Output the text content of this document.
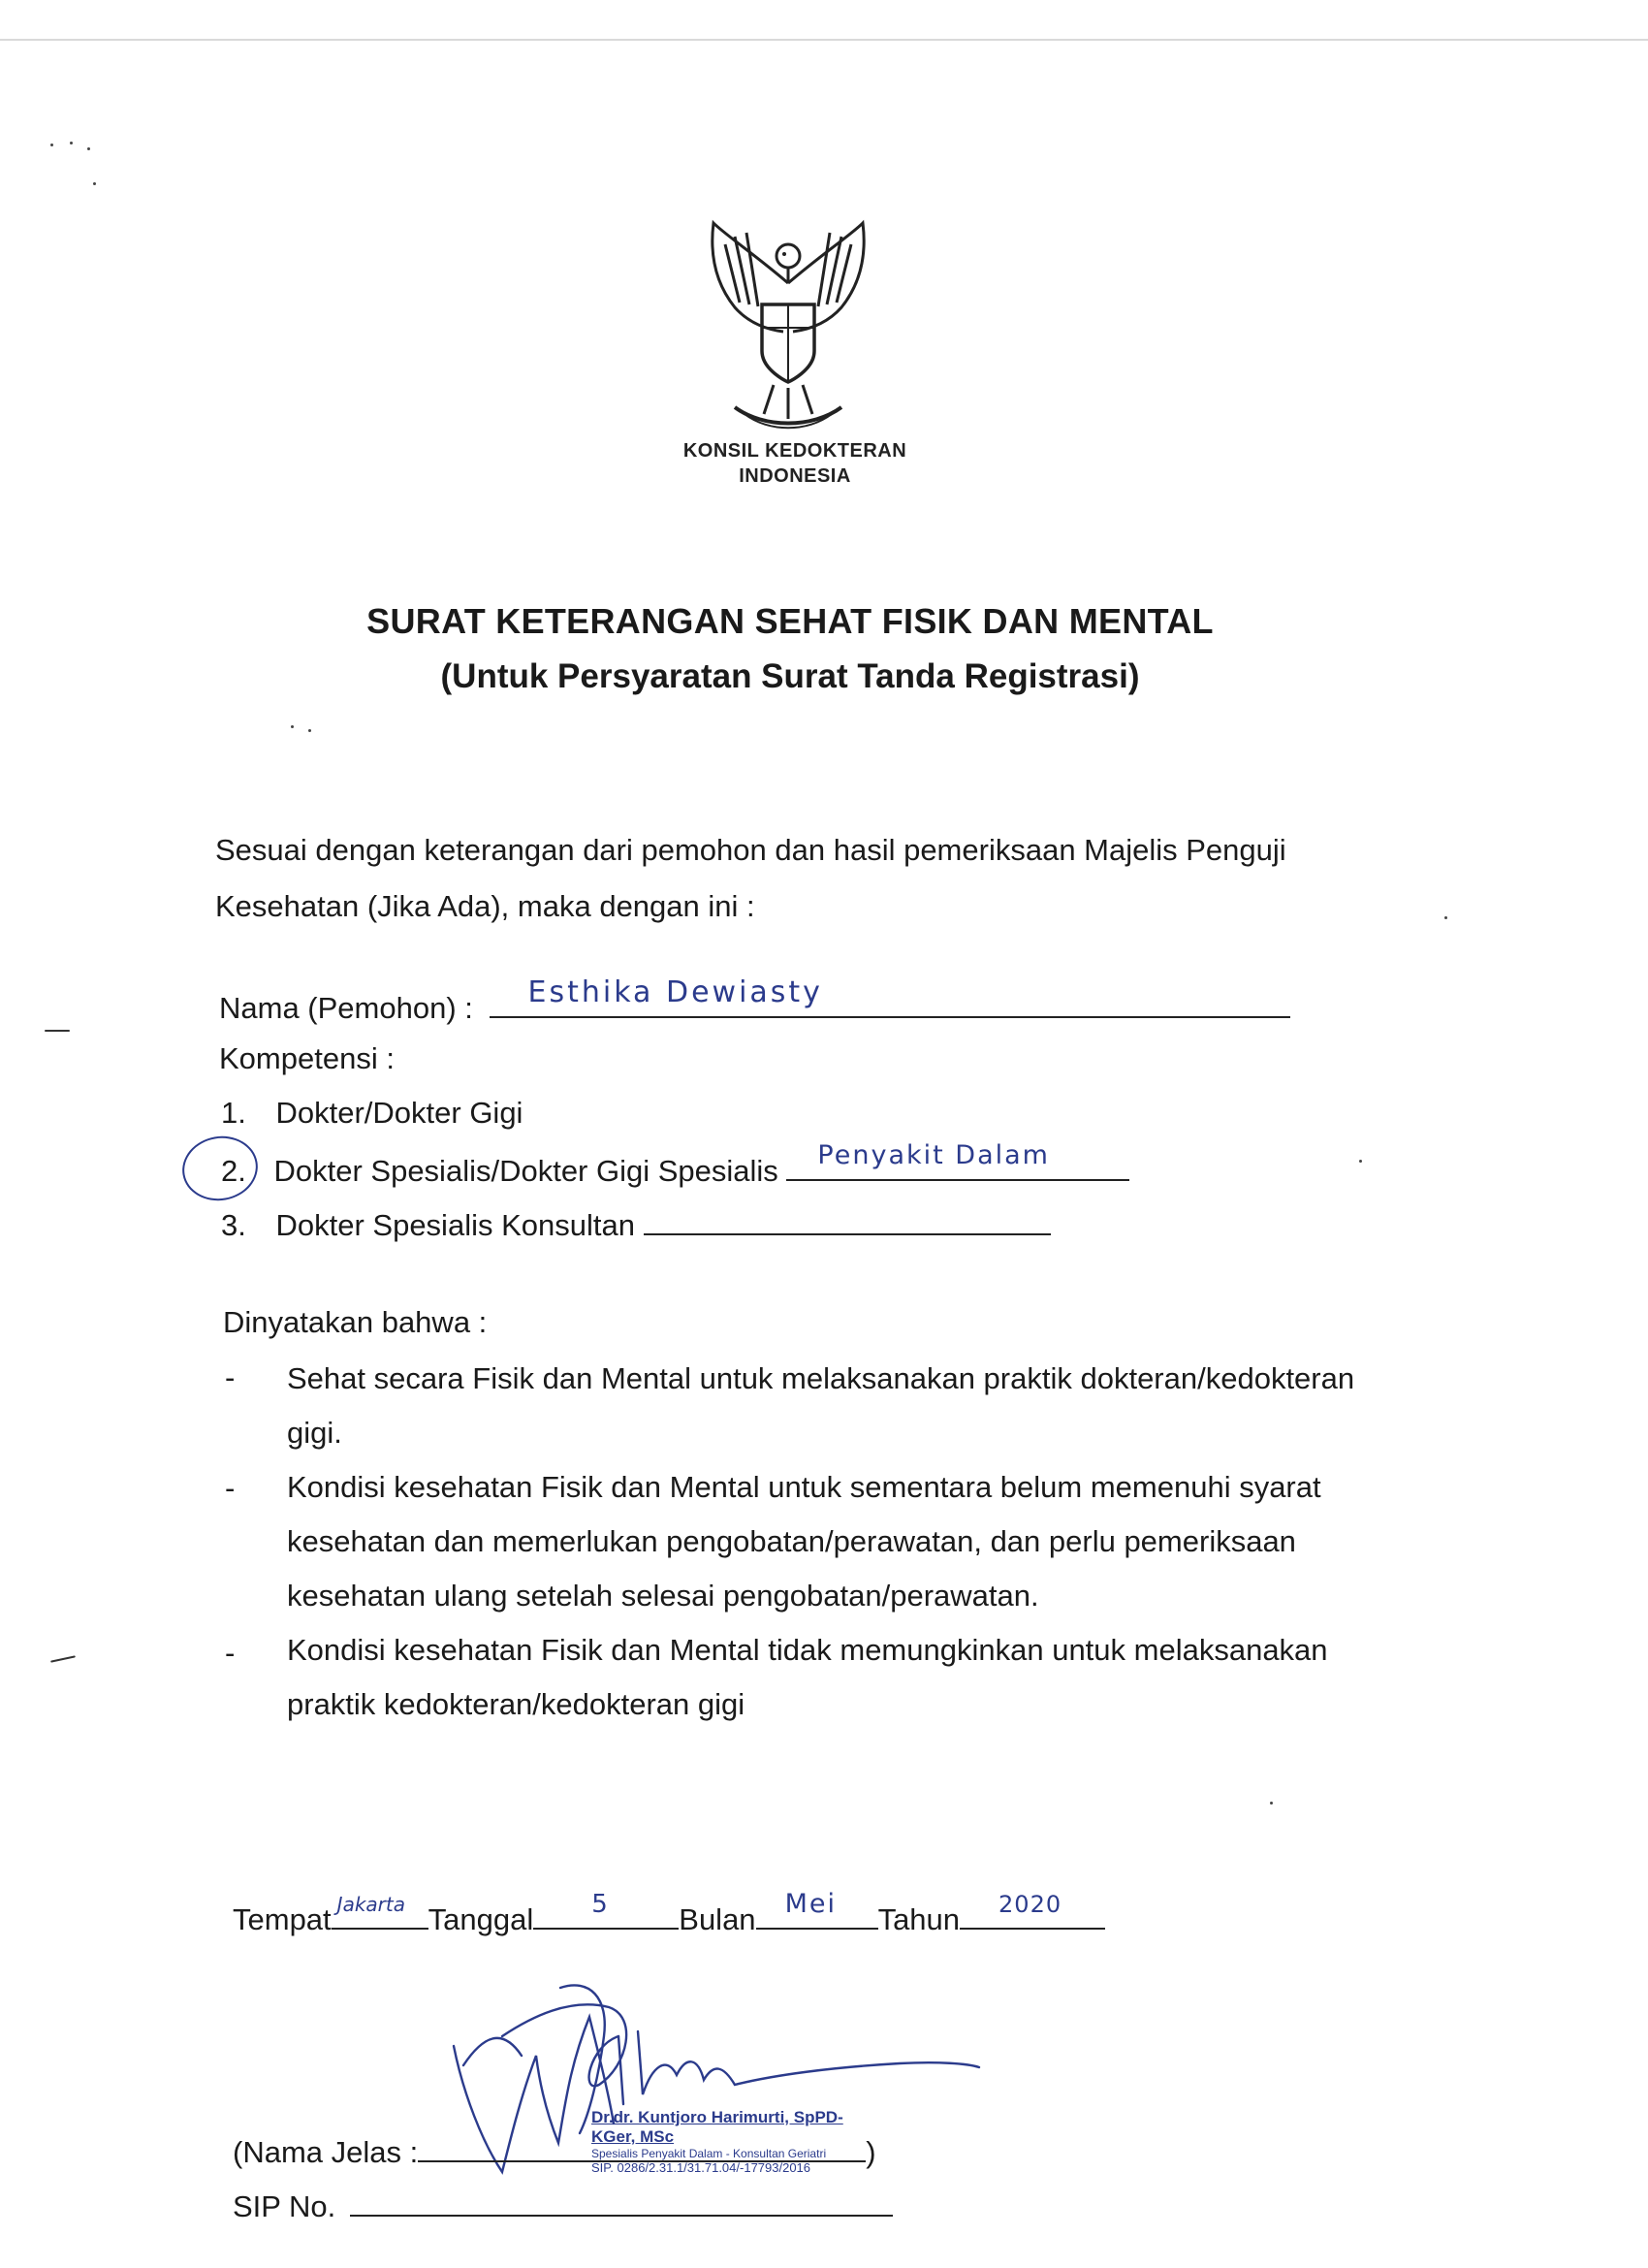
KONSIL KEDOKTERAN
INDONESIA
SURAT KETERANGAN SEHAT FISIK DAN MENTAL
(Untuk Persyaratan Surat Tanda Registrasi)
Sesuai dengan keterangan dari pemohon dan hasil pemeriksaan Majelis Penguji
Kesehatan (Jika Ada), maka dengan ini :
Nama (Pemohon) : Esthika Dewiasty
Kompetensi :
1. Dokter/Dokter Gigi
2. Dokter Spesialis/Dokter Gigi Spesialis Penyakit Dalam
3. Dokter Spesialis Konsultan
Dinyatakan bahwa :
- Sehat secara Fisik dan Mental untuk melaksanakan praktik dokteran/kedokteran
gigi.
- Kondisi kesehatan Fisik dan Mental untuk sementara belum memenuhi syarat
kesehatan dan memerlukan pengobatan/perawatan, dan perlu pemeriksaan
kesehatan ulang setelah selesai pengobatan/perawatan.
- Kondisi kesehatan Fisik dan Mental tidak memungkinkan untuk melaksanakan
praktik kedokteran/kedokteran gigi
Tempat Jakarta Tanggal 5 Bulan Mei Tahun 2020
(Nama Jelas :	)
SIP No.
Dr.dr. Kuntjoro Harimurti, SpPD-KGer, MSc
Spesialis Penyakit Dalam - Konsultan Geriatri
SIP. 0286/2.31.1/31.71.04/-17793/2016
